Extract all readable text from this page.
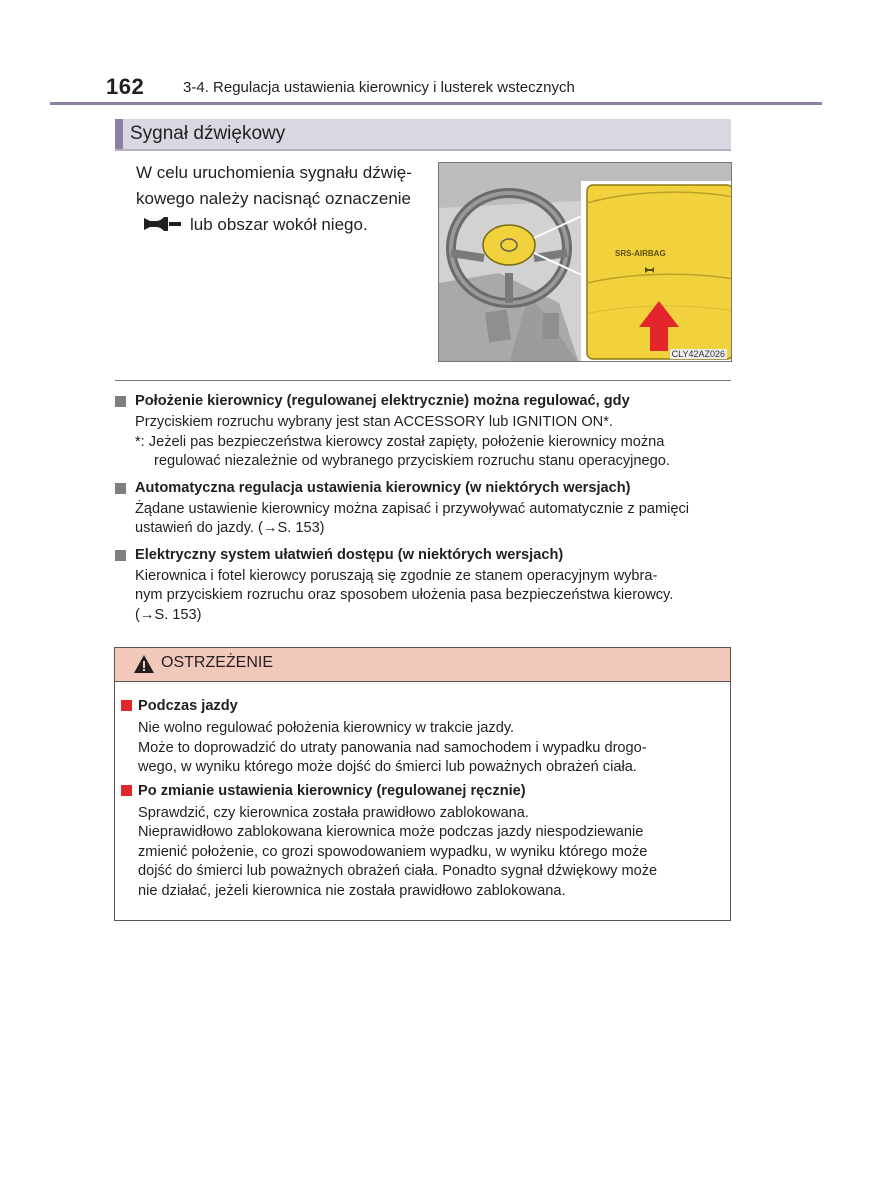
162	3-4. Regulacja ustawienia kierownicy i lusterek wstecznych
Sygnał dźwiękowy
W celu uruchomienia sygnału dźwię-
kowego należy nacisnąć oznaczenie
lub obszar wokół niego.
SRS-AIRBAG
CLY42AZ026
Położenie kierownicy (regulowanej elektrycznie) można regulować, gdy
Przyciskiem rozruchu wybrany jest stan ACCESSORY lub IGNITION ON*.
*: Jeżeli pas bezpieczeństwa kierowcy został zapięty, położenie kierownicy można
regulować niezależnie od wybranego przyciskiem rozruchu stanu operacyjnego.
Automatyczna regulacja ustawienia kierownicy (w niektórych wersjach)
Żądane ustawienie kierownicy można zapisać i przywoływać automatycznie z pamięci
ustawień do jazdy. (→S. 153)
Elektryczny system ułatwień dostępu (w niektórych wersjach)
Kierownica i fotel kierowcy poruszają się zgodnie ze stanem operacyjnym wybra-
nym przyciskiem rozruchu oraz sposobem ułożenia pasa bezpieczeństwa kierowcy.
(→S. 153)
OSTRZEŻENIE
Podczas jazdy
Nie wolno regulować położenia kierownicy w trakcie jazdy.
Może to doprowadzić do utraty panowania nad samochodem i wypadku drogo-
wego, w wyniku którego może dojść do śmierci lub poważnych obrażeń ciała.
Po zmianie ustawienia kierownicy (regulowanej ręcznie)
Sprawdzić, czy kierownica została prawidłowo zablokowana.
Nieprawidłowo zablokowana kierownica może podczas jazdy niespodziewanie
zmienić położenie, co grozi spowodowaniem wypadku, w wyniku którego może
dojść do śmierci lub poważnych obrażeń ciała. Ponadto sygnał dźwiękowy może
nie działać, jeżeli kierownica nie została prawidłowo zablokowana.
